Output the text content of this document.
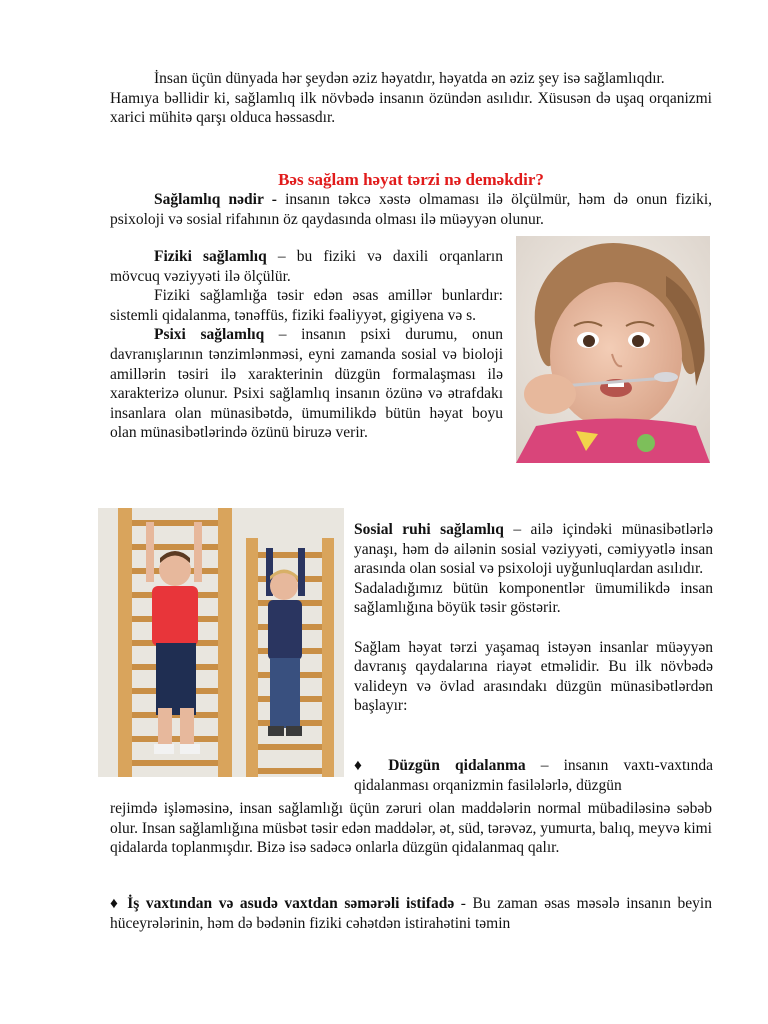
İnsan üçün dünyada hər şeydən əziz həyatdır, həyatda ən əziz şey isə sağlamlıqdır.

Hamıya bəllidir ki, sağlamlıq ilk növbədə insanın özündən asılıdır. Xüsusən də uşaq orqanizmi xarici mühitə qarşı olduca həssasdır.

Bəs sağlam həyat tərzi nə deməkdir?

Sağlamlıq nədir - insanın təkcə xəstə olmaması ilə ölçülmür, həm də onun fiziki, psixoloji və sosial rifahının öz qaydasında olması ilə müəyyən olunur.

Fiziki sağlamlıq – bu fiziki və daxili orqanların mövcuq vəziyyəti ilə ölçülür.

Fiziki sağlamlığa təsir edən əsas amillər bunlardır: sistemli qidalanma, tənəffüs, fiziki fəaliyyət, gigiyena və s.

Psixi sağlamlıq – insanın psixi durumu, onun davranışlarının tənzimlənməsi, eyni zamanda sosial və bioloji amillərin təsiri ilə xarakterinin düzgün formalaşması ilə xarakterizə olunur. Psixi sağlamlıq insanın özünə və ətrafdakı insanlara olan münasibətdə, ümumilikdə bütün həyat boyu olan münasibətlərində özünü biruzə verir.

Sosial ruhi sağlamlıq – ailə içindəki münasibətlərlə yanaşı, həm də ailənin sosial vəziyyəti, cəmiyyətlə insan arasında olan sosial və psixoloji uyğunluqlardan asılıdır.

Sadaladığımız bütün komponentlər ümumilikdə insan sağlamlığına böyük təsir göstərir.

Sağlam həyat tərzi yaşamaq istəyən insanlar müəyyən davranış qaydalarına riayət etməlidir. Bu ilk növbədə valideyn və övlad arasındakı düzgün münasibətlərdən başlayır:

♦ Düzgün qidalanma – insanın vaxtı-vaxtında qidalanması orqanizmin fasilələrlə, düzgün

rejimdə işləməsinə, insan sağlamlığı üçün zəruri olan maddələrin normal mübadiləsinə səbəb olur. Insan sağlamlığına müsbət təsir edən maddələr, ət, süd, tərəvəz, yumurta, balıq, meyvə kimi qidalarda toplanmışdır. Bizə isə sadəcə onlarla düzgün qidalanmaq qalır.

♦ İş vaxtından və asudə vaxtdan səmərəli istifadə - Bu zaman əsas məsələ insanın beyin hüceyrələrinin, həm də bədənin fiziki cəhətdən istirahətini təmin
